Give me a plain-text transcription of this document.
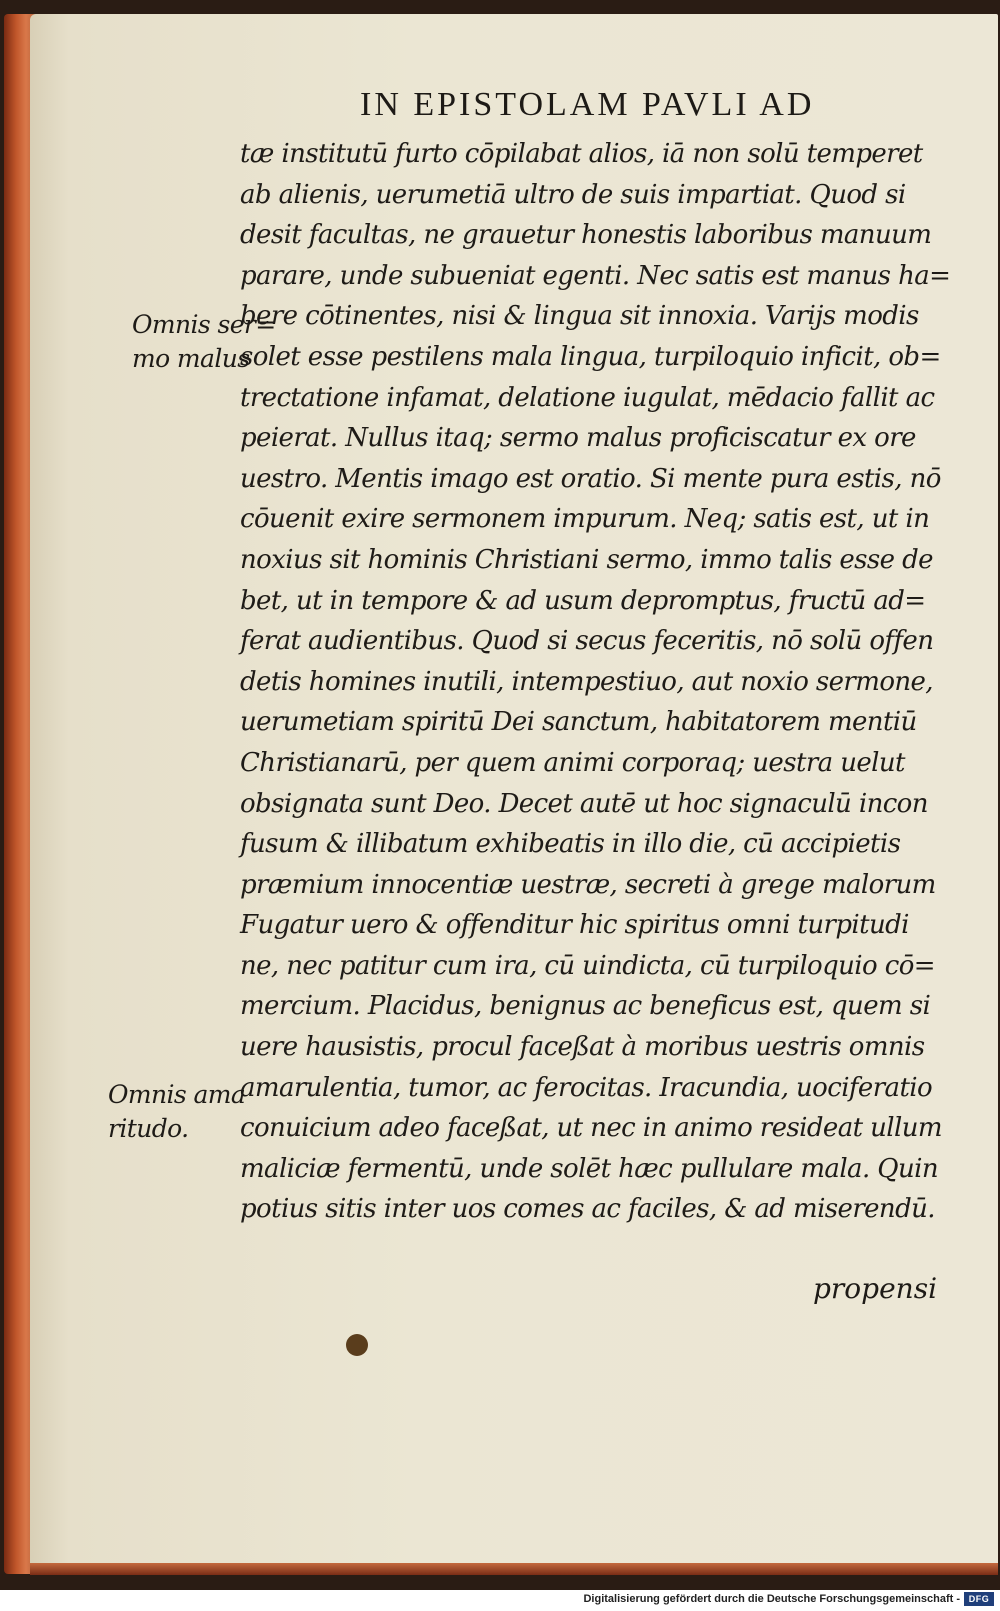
IN EPISTOLAM PAVLI AD
tæ institutū furto cōpilabat alios, iā non solū temperet
ab alienis, uerumetiā ultro de suis impartiat. Quod si
desit facultas, ne grauetur honestis laboribus manuum
parare, unde subueniat egenti. Nec satis est manus ha=
bere cōtinentes, nisi & lingua sit innoxia. Varijs modis
solet esse pestilens mala lingua, turpiloquio inficit, ob=
trectatione infamat, delatione iugulat, mēdacio fallit ac
peierat. Nullus itaq; sermo malus proficiscatur ex ore
uestro. Mentis imago est oratio. Si mente pura estis, nō
cōuenit exire sermonem impurum. Neq; satis est, ut in
noxius sit hominis Christiani sermo, immo talis esse de
bet, ut in tempore & ad usum depromptus, fructū ad=
ferat audientibus. Quod si secus feceritis, nō solū offen
detis homines inutili, intempestiuo, aut noxio sermone,
uerumetiam spiritū Dei sanctum, habitatorem mentiū
Christianarū, per quem animi corporaq; uestra uelut
obsignata sunt Deo. Decet autē ut hoc signaculū incon
fusum & illibatum exhibeatis in illo die, cū accipietis
præmium innocentiæ uestræ, secreti à grege malorum
Fugatur uero & offenditur hic spiritus omni turpitudi
ne, nec patitur cum ira, cū uindicta, cū turpiloquio cō=
mercium. Placidus, benignus ac beneficus est, quem si
uere hausistis, procul faceßat à moribus uestris omnis
amarulentia, tumor, ac ferocitas. Iracundia, uociferatio
conuicium adeo faceßat, ut nec in animo resideat ullum
maliciæ fermentū, unde solēt hæc pullulare mala. Quin
potius sitis inter uos comes ac faciles, & ad miserendū.
Omnis ser=
mo malus
Omnis ama
ritudo.
propensi
Digitalisierung gefördert durch die Deutsche Forschungsgemeinschaft - DFG
